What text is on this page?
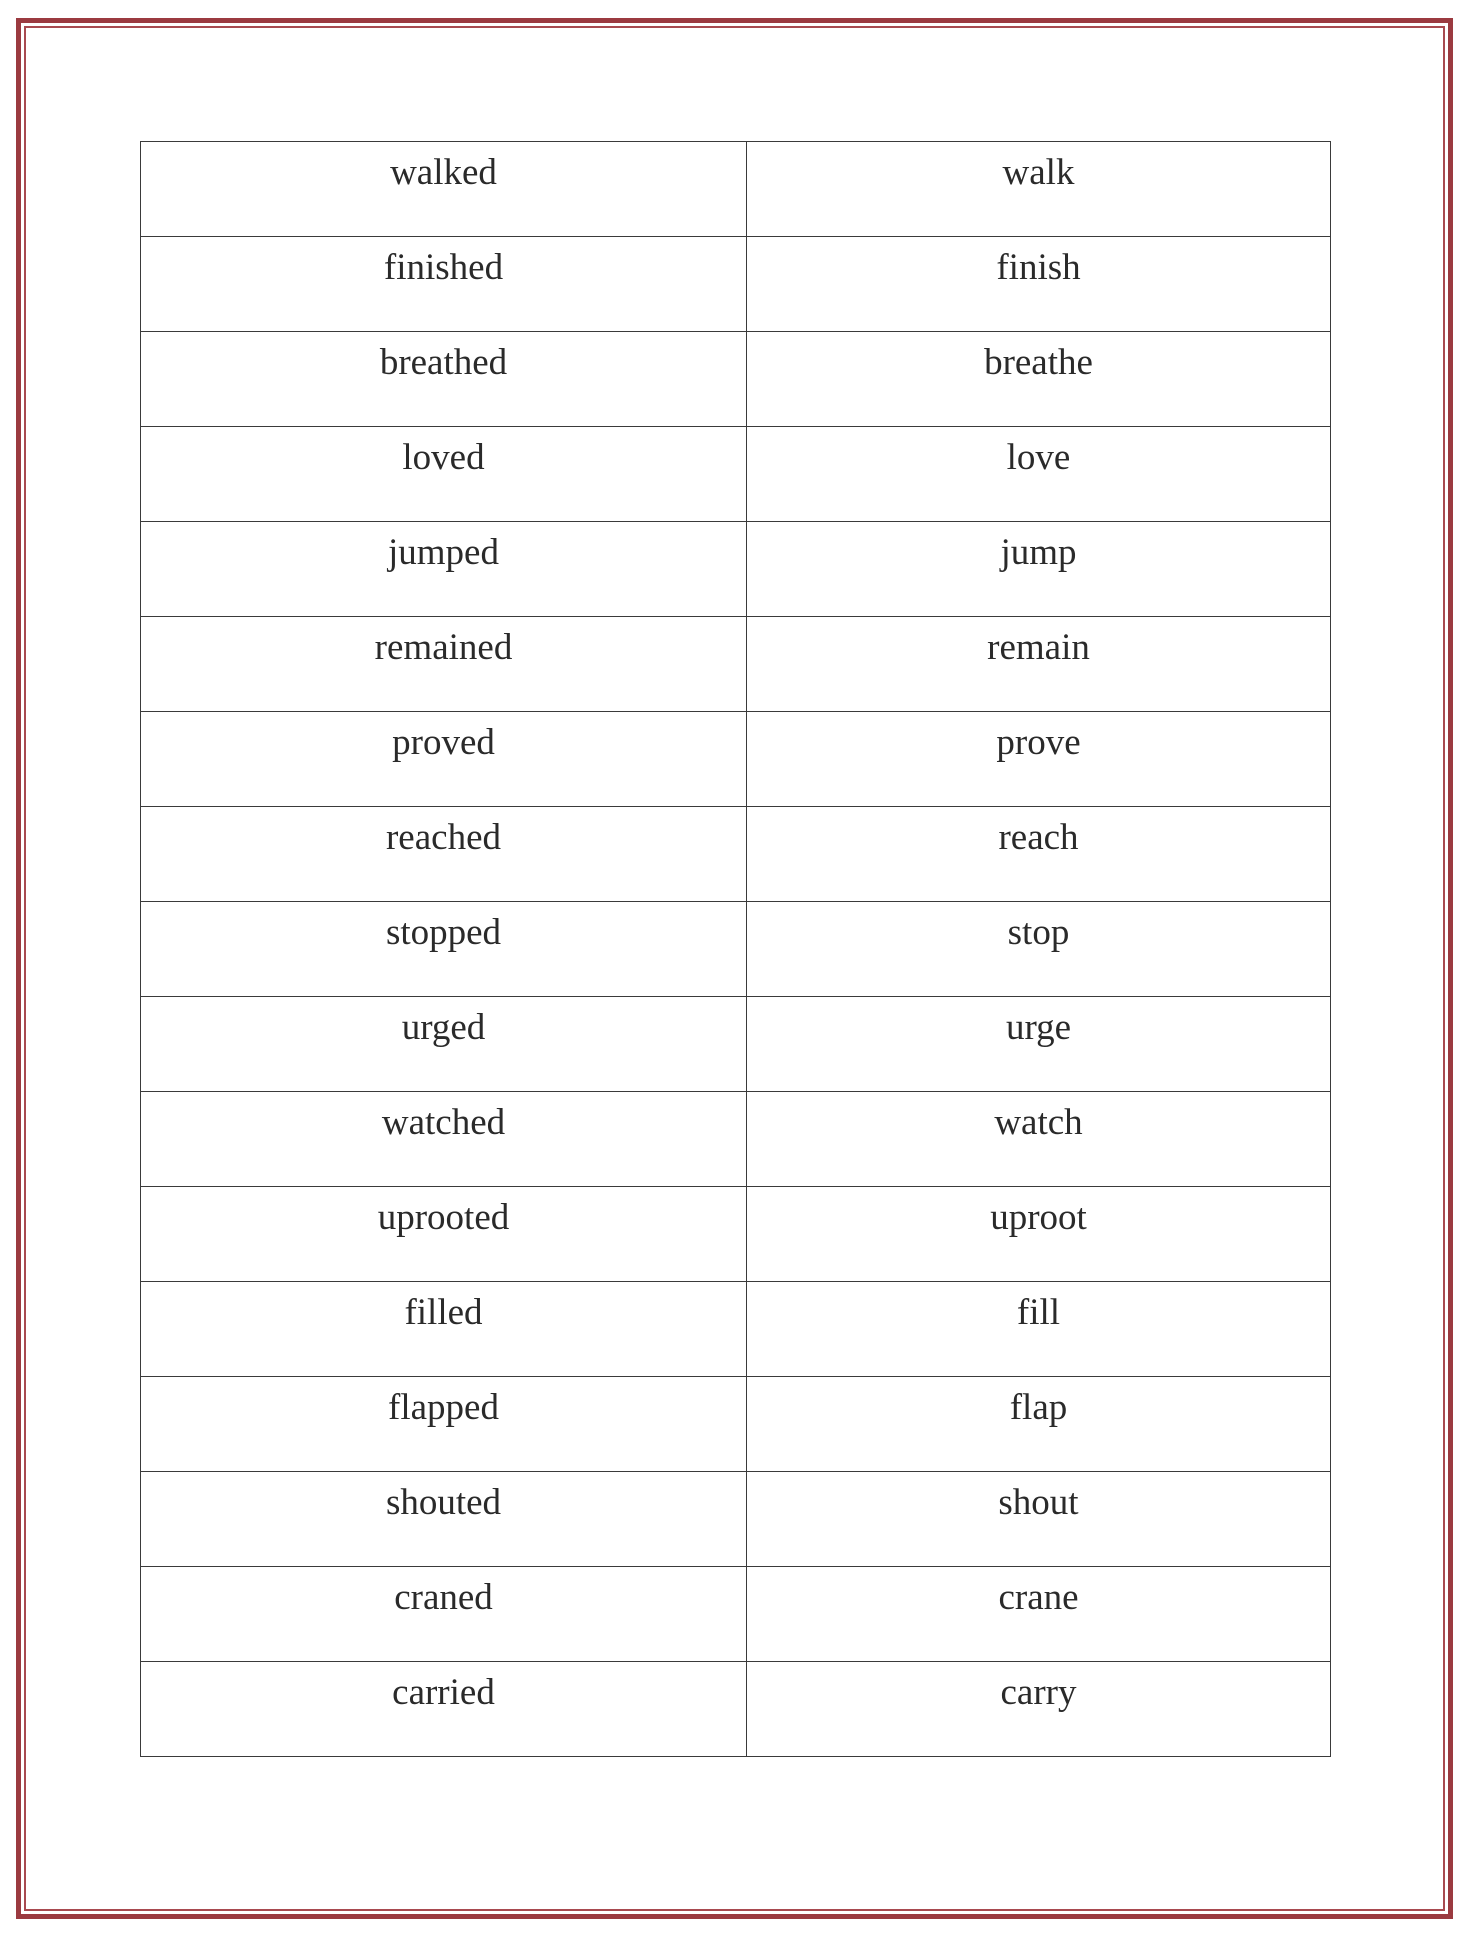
walked	walk

finished	finish

breathed	breathe

loved	love

jumped	jump

remained	remain

proved	prove

reached	reach

stopped	stop

urged	urge

watched	watch

uprooted	uproot

filled	fill

flapped	flap

shouted	shout

craned	crane

carried	carry
